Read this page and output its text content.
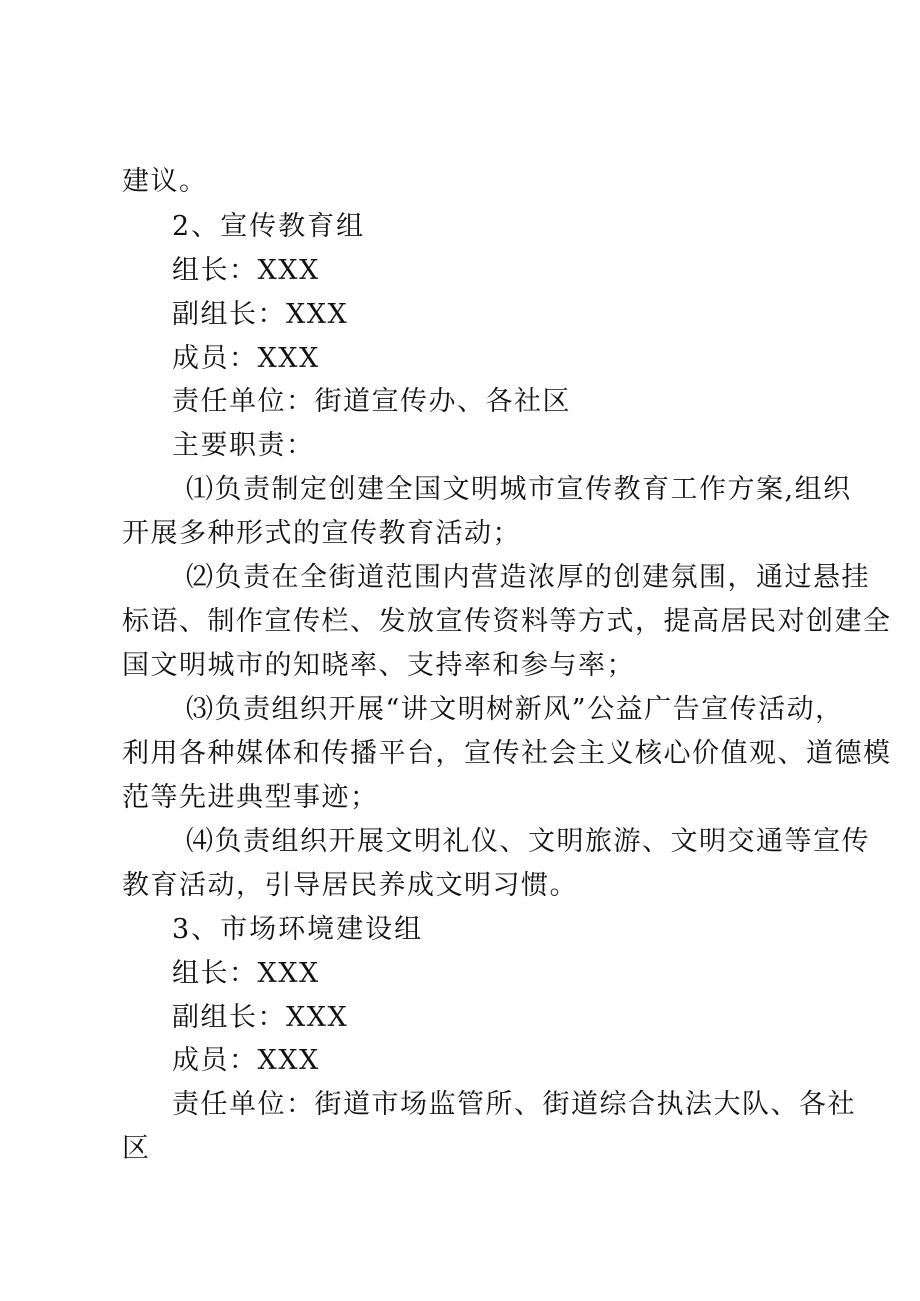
建议。
2、宣传教育组
组长：XXX
副组长：XXX
成员：XXX
责任单位：街道宣传办、各社区
主要职责：
⑴负责制定创建全国文明城市宣传教育工作方案,组织
开展多种形式的宣传教育活动；
⑵负责在全街道范围内营造浓厚的创建氛围，通过悬挂
标语、制作宣传栏、发放宣传资料等方式，提高居民对创建全
国文明城市的知晓率、支持率和参与率；
⑶负责组织开展“讲文明树新风”公益广告宣传活动，
利用各种媒体和传播平台，宣传社会主义核心价值观、道德模
范等先进典型事迹；
⑷负责组织开展文明礼仪、文明旅游、文明交通等宣传
教育活动，引导居民养成文明习惯。
3、市场环境建设组
组长：XXX
副组长：XXX
成员：XXX
责任单位：街道市场监管所、街道综合执法大队、各社
区
